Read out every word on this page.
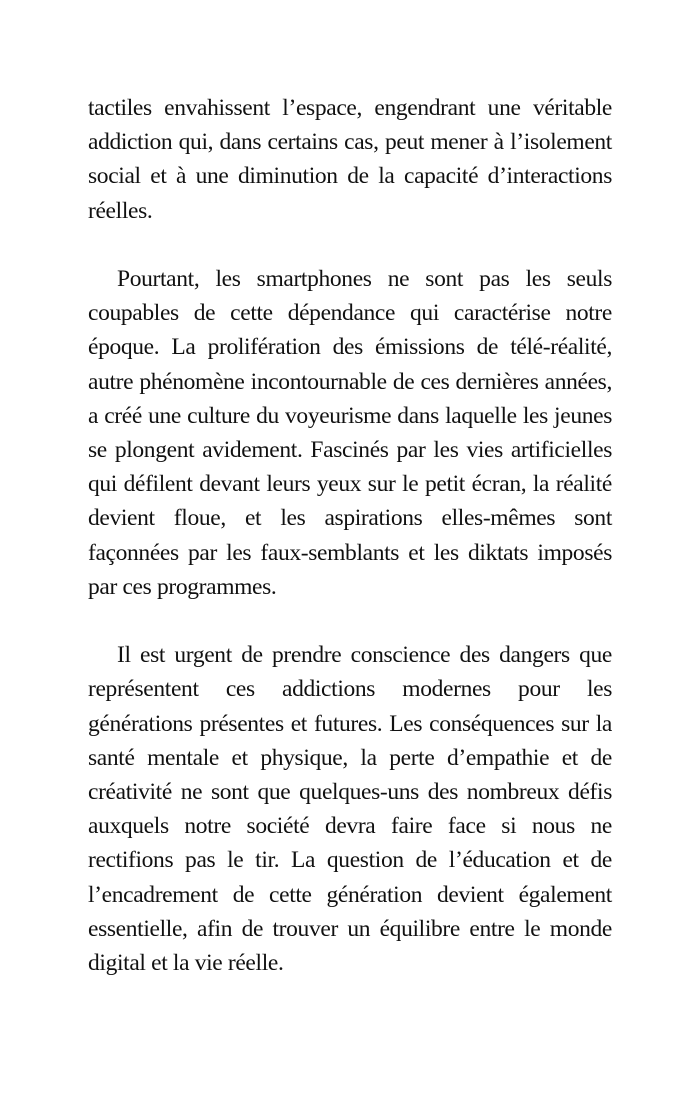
tactiles envahissent l’espace, engendrant une véritable addiction qui, dans certains cas, peut mener à l’isolement social et à une diminution de la capacité d’interactions réelles.

Pourtant, les smartphones ne sont pas les seuls coupables de cette dépendance qui caractérise notre époque. La prolifération des émissions de télé-réalité, autre phénomène incontournable de ces dernières années, a créé une culture du voyeurisme dans laquelle les jeunes se plongent avidement. Fascinés par les vies artificielles qui défilent devant leurs yeux sur le petit écran, la réalité devient floue, et les aspirations elles-mêmes sont façonnées par les faux-semblants et les diktats imposés par ces programmes.

Il est urgent de prendre conscience des dangers que représentent ces addictions modernes pour les générations présentes et futures. Les conséquences sur la santé mentale et physique, la perte d’empathie et de créativité ne sont que quelques-uns des nombreux défis auxquels notre société devra faire face si nous ne rectifions pas le tir. La question de l’éducation et de l’encadrement de cette génération devient également essentielle, afin de trouver un équilibre entre le monde digital et la vie réelle.
